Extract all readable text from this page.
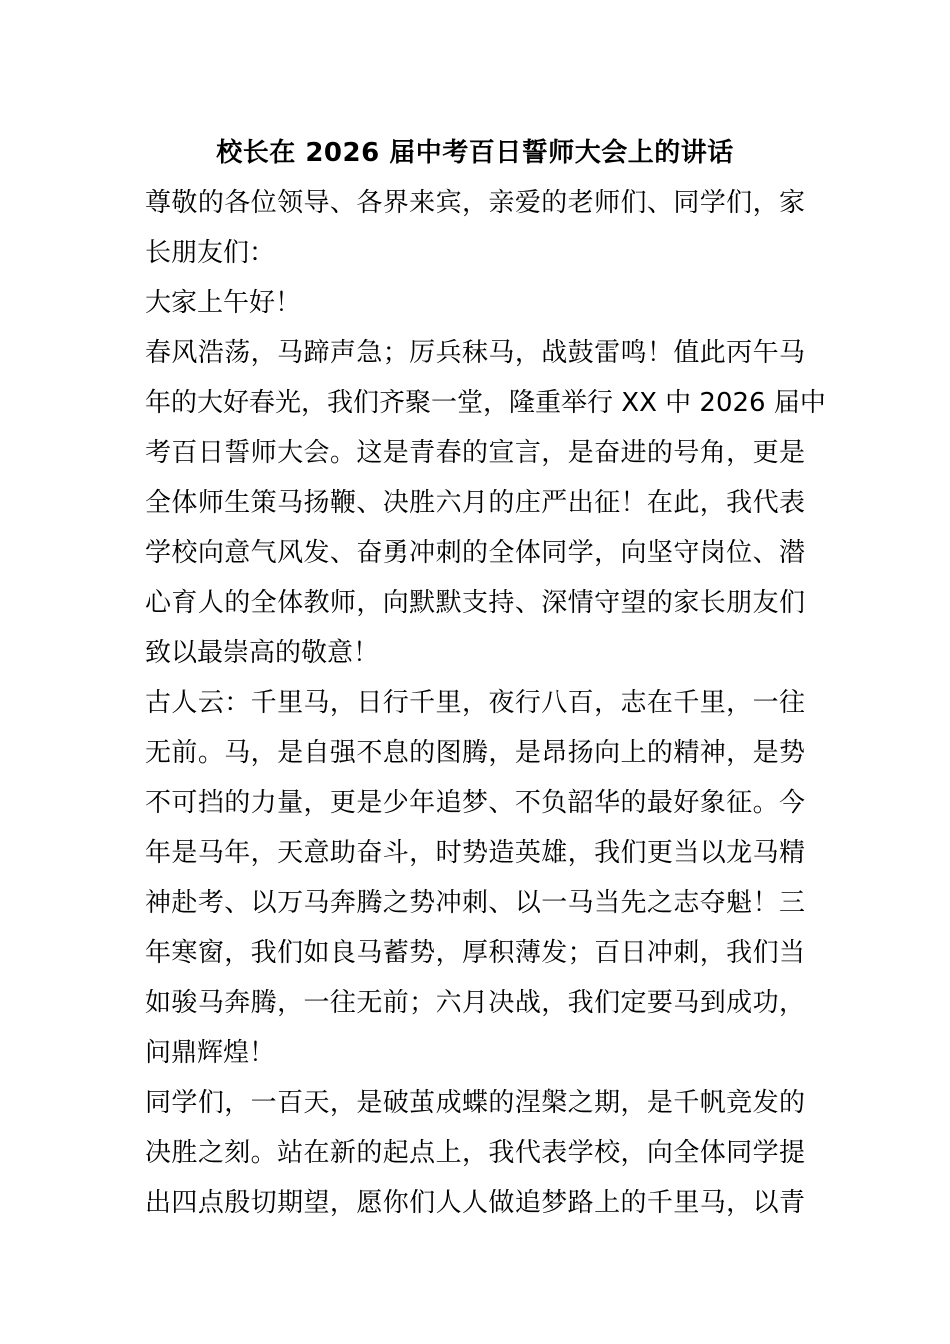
校长在 2026 届中考百日誓师大会上的讲话
尊敬的各位领导、各界来宾，亲爱的老师们、同学们，家
长朋友们：
大家上午好！
春风浩荡，马蹄声急；厉兵秣马，战鼓雷鸣！值此丙午马
年的大好春光，我们齐聚一堂，隆重举行 XX 中 2026 届中
考百日誓师大会。这是青春的宣言，是奋进的号角，更是
全体师生策马扬鞭、决胜六月的庄严出征！在此，我代表
学校向意气风发、奋勇冲刺的全体同学，向坚守岗位、潜
心育人的全体教师，向默默支持、深情守望的家长朋友们
致以最崇高的敬意！
古人云：千里马，日行千里，夜行八百，志在千里，一往
无前。马，是自强不息的图腾，是昂扬向上的精神，是势
不可挡的力量，更是少年追梦、不负韶华的最好象征。今
年是马年，天意助奋斗，时势造英雄，我们更当以龙马精
神赴考、以万马奔腾之势冲刺、以一马当先之志夺魁！三
年寒窗，我们如良马蓄势，厚积薄发；百日冲刺，我们当
如骏马奔腾，一往无前；六月决战，我们定要马到成功，
问鼎辉煌！
同学们，一百天，是破茧成蝶的涅槃之期，是千帆竞发的
决胜之刻。站在新的起点上，我代表学校，向全体同学提
出四点殷切期望，愿你们人人做追梦路上的千里马，以青
